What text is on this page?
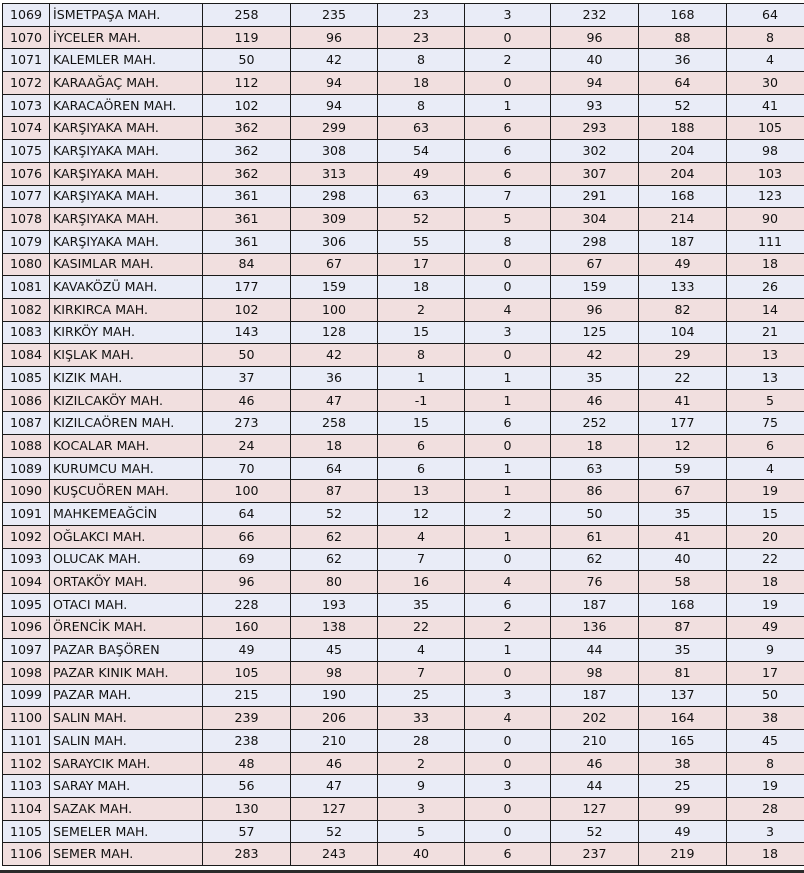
1069	İSMETPAŞA MAH.	258	235	23	3	232	168	64	

1070	İYCELER MAH.	119	96	23	0	96	88	8	

1071	KALEMLER MAH.	50	42	8	2	40	36	4	

1072	KARAAĞAÇ MAH.	112	94	18	0	94	64	30	

1073	KARACAÖREN MAH.	102	94	8	1	93	52	41	

1074	KARŞIYAKA MAH.	362	299	63	6	293	188	105	

1075	KARŞIYAKA MAH.	362	308	54	6	302	204	98	

1076	KARŞIYAKA MAH.	362	313	49	6	307	204	103	

1077	KARŞIYAKA MAH.	361	298	63	7	291	168	123	

1078	KARŞIYAKA MAH.	361	309	52	5	304	214	90	

1079	KARŞIYAKA MAH.	361	306	55	8	298	187	111	

1080	KASIMLAR MAH.	84	67	17	0	67	49	18	

1081	KAVAKÖZÜ MAH.	177	159	18	0	159	133	26	

1082	KIRKIRCA MAH.	102	100	2	4	96	82	14	

1083	KIRKÖY MAH.	143	128	15	3	125	104	21	

1084	KIŞLAK MAH.	50	42	8	0	42	29	13	

1085	KIZIK MAH.	37	36	1	1	35	22	13	

1086	KIZILCAKÖY MAH.	46	47	-1	1	46	41	5	

1087	KIZILCAÖREN MAH.	273	258	15	6	252	177	75	

1088	KOCALAR MAH.	24	18	6	0	18	12	6	

1089	KURUMCU MAH.	70	64	6	1	63	59	4	

1090	KUŞCUÖREN MAH.	100	87	13	1	86	67	19	

1091	MAHKEMEAĞCİN	64	52	12	2	50	35	15	

1092	OĞLAKCI MAH.	66	62	4	1	61	41	20	

1093	OLUCAK MAH.	69	62	7	0	62	40	22	

1094	ORTAKÖY MAH.	96	80	16	4	76	58	18	

1095	OTACI MAH.	228	193	35	6	187	168	19	

1096	ÖRENCİK MAH.	160	138	22	2	136	87	49	

1097	PAZAR BAŞÖREN	49	45	4	1	44	35	9	

1098	PAZAR KINIK MAH.	105	98	7	0	98	81	17	

1099	PAZAR MAH.	215	190	25	3	187	137	50	

1100	SALIN MAH.	239	206	33	4	202	164	38	

1101	SALIN MAH.	238	210	28	0	210	165	45	

1102	SARAYCIK MAH.	48	46	2	0	46	38	8	

1103	SARAY MAH.	56	47	9	3	44	25	19	

1104	SAZAK MAH.	130	127	3	0	127	99	28	

1105	SEMELER MAH.	57	52	5	0	52	49	3	

1106	SEMER MAH.	283	243	40	6	237	219	18	
